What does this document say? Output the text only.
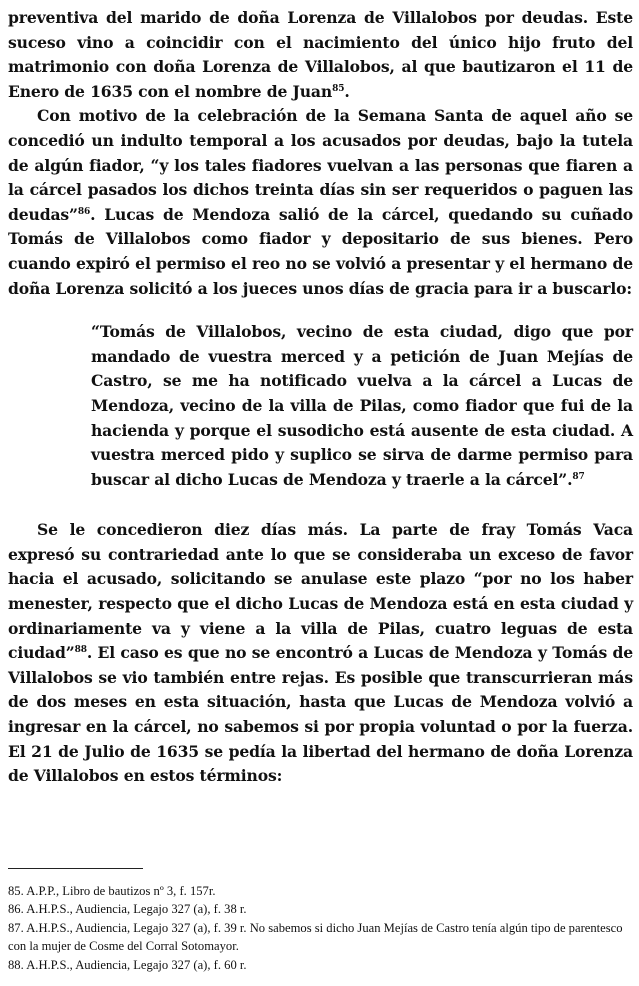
preventiva del marido de doña Lorenza de Villalobos por deudas. Este suceso vino a coincidir con el nacimiento del único hijo fruto del matrimonio con doña Lorenza de Villalobos, al que bautizaron el 11 de Enero de 1635 con el nombre de Juan$^{85}$.

Con motivo de la celebración de la Semana Santa de aquel año se concedió un indulto temporal a los acusados por deudas, bajo la tutela de algún fiador, “y los tales fiadores vuelvan a las personas que fiaren a la cárcel pasados los dichos treinta días sin ser requeridos o paguen las deudas”$^{86}$. Lucas de Mendoza salió de la cárcel, quedando su cuñado Tomás de Villalobos como fiador y depositario de sus bienes. Pero cuando expiró el permiso el reo no se volvió a presentar y el hermano de doña Lorenza solicitó a los jueces unos días de gracia para ir a buscarlo:

“Tomás de Villalobos, vecino de esta ciudad, digo que por mandado de vuestra merced y a petición de Juan Mejías de Castro, se me ha notificado vuelva a la cárcel a Lucas de Mendoza, vecino de la villa de Pilas, como fiador que fui de la hacienda y porque el susodicho está ausente de esta ciudad. A vuestra merced pido y suplico se sirva de darme permiso para buscar al dicho Lucas de Mendoza y traerle a la cárcel”.$^{87}$

Se le concedieron diez días más. La parte de fray Tomás Vaca expresó su contrariedad ante lo que se consideraba un exceso de favor hacia el acusado, solicitando se anulase este plazo “por no los haber menester, respecto que el dicho Lucas de Mendoza está en esta ciudad y ordinariamente va y viene a la villa de Pilas, cuatro leguas de esta ciudad”$^{88}$. El caso es que no se encontró a Lucas de Mendoza y Tomás de Villalobos se vio también entre rejas. Es posible que transcurrieran más de dos meses en esta situación, hasta que Lucas de Mendoza volvió a ingresar en la cárcel, no sabemos si por propia voluntad o por la fuerza. El 21 de Julio de 1635 se pedía la libertad del hermano de doña Lorenza de Villalobos en estos términos:

85. A.P.P., Libro de bautizos nº 3, f. 157r.

86. A.H.P.S., Audiencia, Legajo 327 (a), f. 38 r.

87. A.H.P.S., Audiencia, Legajo 327 (a), f. 39 r. No sabemos si dicho Juan Mejías de Castro tenía algún tipo de parentesco con la mujer de Cosme del Corral Sotomayor.

88. A.H.P.S., Audiencia, Legajo 327 (a), f. 60 r.
